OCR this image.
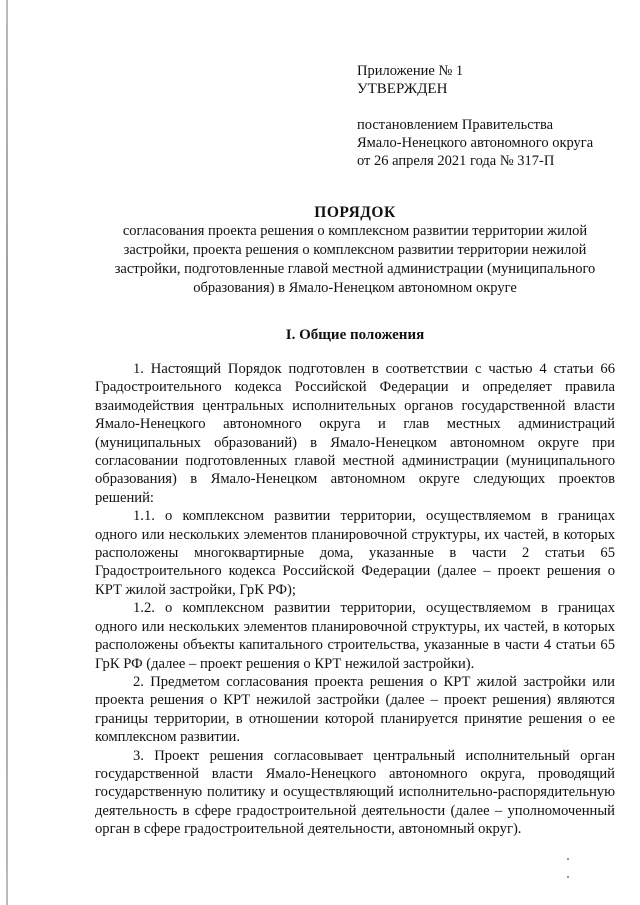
Приложение № 1
УТВЕРЖДЕН
постановлением Правительства
Ямало-Ненецкого автономного округа
от 26 апреля 2021 года № 317-П
ПОРЯДОК
согласования проекта решения о комплексном развитии территории жилой застройки, проекта решения о комплексном развитии территории нежилой застройки, подготовленные главой местной администрации (муниципального образования) в Ямало-Ненецком автономном округе
I. Общие положения

1. Настоящий Порядок подготовлен в соответствии с частью 4 статьи 66 Градостроительного кодекса Российской Федерации и определяет правила взаимодействия центральных исполнительных органов государственной власти Ямало-Ненецкого автономного округа и глав местных администраций (муниципальных образований) в Ямало-Ненецком автономном округе при согласовании подготовленных главой местной администрации (муниципального образования) в Ямало-Ненецком автономном округе следующих проектов решений:

1.1. о комплексном развитии территории, осуществляемом в границах одного или нескольких элементов планировочной структуры, их частей, в которых расположены многоквартирные дома, указанные в части 2 статьи 65 Градостроительного кодекса Российской Федерации (далее – проект решения о КРТ жилой застройки, ГрК РФ);

1.2. о комплексном развитии территории, осуществляемом в границах одного или нескольких элементов планировочной структуры, их частей, в которых расположены объекты капитального строительства, указанные в части 4 статьи 65 ГрК РФ (далее – проект решения о КРТ нежилой застройки).

2. Предметом согласования проекта решения о КРТ жилой застройки или проекта решения о КРТ нежилой застройки (далее – проект решения) являются границы территории, в отношении которой планируется принятие решения о ее комплексном развитии.

3. Проект решения согласовывает центральный исполнительный орган государственной власти Ямало-Ненецкого автономного округа, проводящий государственную политику и осуществляющий исполнительно-распорядительную деятельность в сфере градостроительной деятельности (далее – уполномоченный орган в сфере градостроительной деятельности, автономный округ).
